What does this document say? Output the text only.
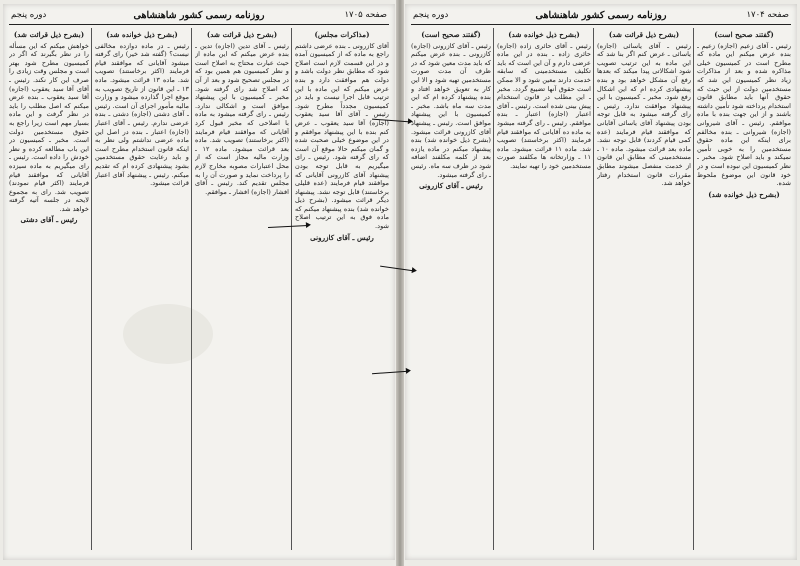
صفحه ۱۷۰۵
روزنامه رسمی کشور شاهنشاهی
دوره پنجم
(مذاکرات مجلس)

آقای کازرونی ـ بنده عرضی داشتم راجع به ماده که از کمیسیون آمده و در این قسمت لازم است اصلاح شود که مطابق نظر دولت باشد و دولت هم موافقت دارد و بنده عرض میکنم که این ماده با این ترتیب قابل اجرا نیست و باید در کمیسیون مجدداً مطرح شود. رئیس ـ آقای آقا سید یعقوب (اجازه) آقا سید یعقوب ـ عرض کنم بنده با این پیشنهاد موافقم و در این موضوع خیلی صحبت شده و گمان میکنم حالا موقع آن است که رای گرفته شود. رئیس ـ رای میگیریم به قابل توجه بودن پیشنهاد آقای کازرونی آقایانی که موافقند قیام فرمایند (عده قلیلی برخاستند) قابل توجه نشد. پیشنهاد دیگر قرائت میشود. (بشرح ذیل خوانده شد) بنده پیشنهاد میکنم که ماده فوق به این ترتیب اصلاح شود.

رئیس ـ آقای کازرونی
(بشرح ذیل قرائت شد)

رئیس ـ آقای تدین (اجازه) تدین ـ بنده عرض میکنم که این ماده از حیث عبارت محتاج به اصلاح است و نظر کمیسیون هم همین بود که در مجلس تصحیح شود و بعد از آن که اصلاح شد رای گرفته شود. مخبر ـ کمیسیون با این پیشنهاد موافق است و اشکالی ندارد. رئیس ـ رای گرفته میشود به ماده با اصلاحی که مخبر قبول کرد آقایانی که موافقند قیام فرمایند (اکثر برخاستند) تصویب شد. ماده بعد قرائت میشود. ماده ۱۲ ـ وزارت مالیه مجاز است که از محل اعتبارات مصوبه مخارج لازم را پرداخت نماید و صورت آن را به مجلس تقدیم کند. رئیس ـ آقای افشار (اجازه) افشار ـ موافقم.

(بشرح ذیل خوانده شد)

رئیس ـ در ماده دوازده مخالفی نیست؟ (گفته شد خیر) رای گرفته میشود آقایانی که موافقند قیام فرمایند (اکثر برخاستند) تصویب شد. ماده ۱۳ قرائت میشود. ماده ۱۳ ـ این قانون از تاریخ تصویب به موقع اجرا گذارده میشود و وزارت مالیه مأمور اجرای آن است. رئیس ـ آقای دشتی (اجازه) دشتی ـ بنده عرضی ندارم. رئیس ـ آقای اعتبار (اجازه) اعتبار ـ بنده در اصل این ماده عرضی نداشتم ولی نظر به اینکه قانون استخدام مطرح است و باید رعایت حقوق مستخدمین بشود پیشنهادی کرده ام که تقدیم میکنم. رئیس ـ پیشنهاد آقای اعتبار قرائت میشود.

(بشرح ذیل قرائت شد)

خواهش میکنم که این مسأله را در نظر بگیرند که اگر در کمیسیون مطرح شود بهتر است و مجلس وقت زیادی را صرف این کار نکند. رئیس ـ آقای آقا سید یعقوب (اجازه) آقا سید یعقوب ـ بنده عرض میکنم که اصل مطلب را باید در نظر گرفت و این ماده بسیار مهم است زیرا راجع به حقوق مستخدمین دولت است. مخبر ـ کمیسیون در این باب مطالعه کرده و نظر خودش را داده است. رئیس ـ رای میگیریم به ماده سیزده آقایانی که موافقند قیام فرمایند (اکثر قیام نمودند) تصویب شد. رای به مجموع لایحه در جلسه آتیه گرفته خواهد شد.

رئیس ـ آقای دشتی
صفحه ۱۷۰۴
روزنامه رسمی کشور شاهنشاهی
دوره پنجم
(گفتند صحیح است)

رئیس ـ آقای زعیم (اجازه) زعیم ـ بنده عرض میکنم این ماده که مطرح است در کمیسیون خیلی مذاکره شده و بعد از مذاکرات زیاد نظر کمیسیون این شد که مستخدمین دولت از این حیث که حقوق آنها باید مطابق قانون استخدام پرداخته شود تأمین داشته باشند و از این جهت بنده با ماده موافقم. رئیس ـ آقای شیروانی (اجازه) شیروانی ـ بنده مخالفم برای اینکه این ماده حقوق مستخدمین را به خوبی تأمین نمیکند و باید اصلاح شود. مخبر ـ نظر کمیسیون این نبوده است و در خود قانون این موضوع ملحوظ شده.

(بشرح ذیل خوانده شد)
(بشرح ذیل قرائت شد)

رئیس ـ آقای یاسائی (اجازه) یاسائی ـ عرض کنم اگر بنا شد که این ماده به این ترتیب تصویب شود اشکالاتی پیدا میکند که بعدها رفع آن مشکل خواهد بود و بنده پیشنهادی کرده ام که این اشکال رفع شود. مخبر ـ کمیسیون با این پیشنهاد موافقت ندارد. رئیس ـ رای گرفته میشود به قابل توجه بودن پیشنهاد آقای یاسائی آقایانی که موافقند قیام فرمایند (عده کمی قیام کردند) قابل توجه نشد. ماده بعد قرائت میشود. ماده ۱۰ ـ مستخدمینی که مطابق این قانون از خدمت منفصل میشوند مطابق مقررات قانون استخدام رفتار خواهد شد.

(بشرح ذیل خوانده شد)

رئیس ـ آقای حائری زاده (اجازه) حائری زاده ـ بنده در این ماده عرضی دارم و آن این است که باید تکلیف مستخدمینی که سابقه خدمت دارند معین شود و الا ممکن است حقوق آنها تضییع گردد. مخبر ـ این مطلب در قانون استخدام پیش بینی شده است. رئیس ـ آقای اعتبار (اجازه) اعتبار ـ بنده موافقم. رئیس ـ رای گرفته میشود به ماده ده آقایانی که موافقند قیام فرمایند (اکثر برخاستند) تصویب شد. ماده ۱۱ قرائت میشود. ماده ۱۱ ـ وزارتخانه ها مکلفند صورت مستخدمین خود را تهیه نمایند.

(گفتند صحیح است)

رئیس ـ آقای کازرونی (اجازه) کازرونی ـ بنده عرض میکنم که باید مدت معین شود که در ظرف آن مدت صورت مستخدمین تهیه شود و الا این کار به تعویق خواهد افتاد و بنده پیشنهاد کرده ام که این مدت سه ماه باشد. مخبر ـ کمیسیون با این پیشنهاد موافق است. رئیس ـ پیشنهاد آقای کازرونی قرائت میشود. (بشرح ذیل خوانده شد) بنده پیشنهاد میکنم در ماده یازده بعد از کلمه مکلفند اضافه شود در ظرف سه ماه. رئیس ـ رای گرفته میشود.

رئیس ـ آقای کازرونی
